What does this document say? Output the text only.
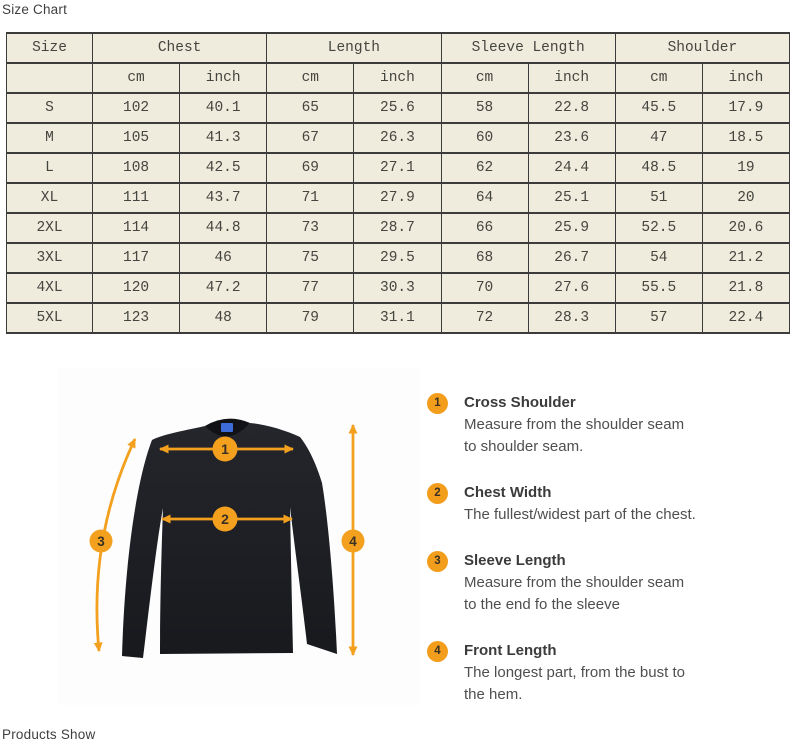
Size Chart
Size	Chest		Length		Sleeve Length		Shoulder	
	cm	inch	cm	inch	cm	inch	cm	inch
S	102	40.1	65	25.6	58	22.8	45.5	17.9
M	105	41.3	67	26.3	60	23.6	47	18.5
L	108	42.5	69	27.1	62	24.4	48.5	19
XL	111	43.7	71	27.9	64	25.1	51	20
2XL	114	44.8	73	28.7	66	25.9	52.5	20.6
3XL	117	46	75	29.5	68	26.7	54	21.2
4XL	120	47.2	77	30.3	70	27.6	55.5	21.8
5XL	123	48	79	31.1	72	28.3	57	22.4
1
2
3	4
1	Cross Shoulder
Measure from the shoulder seam
to shoulder seam.
2	Chest Width
The fullest/widest part of the chest.
3	Sleeve Length
Measure from the shoulder seam
to the end fo the sleeve
4	Front Length
The longest part, from the bust to
the hem.
Products Show
